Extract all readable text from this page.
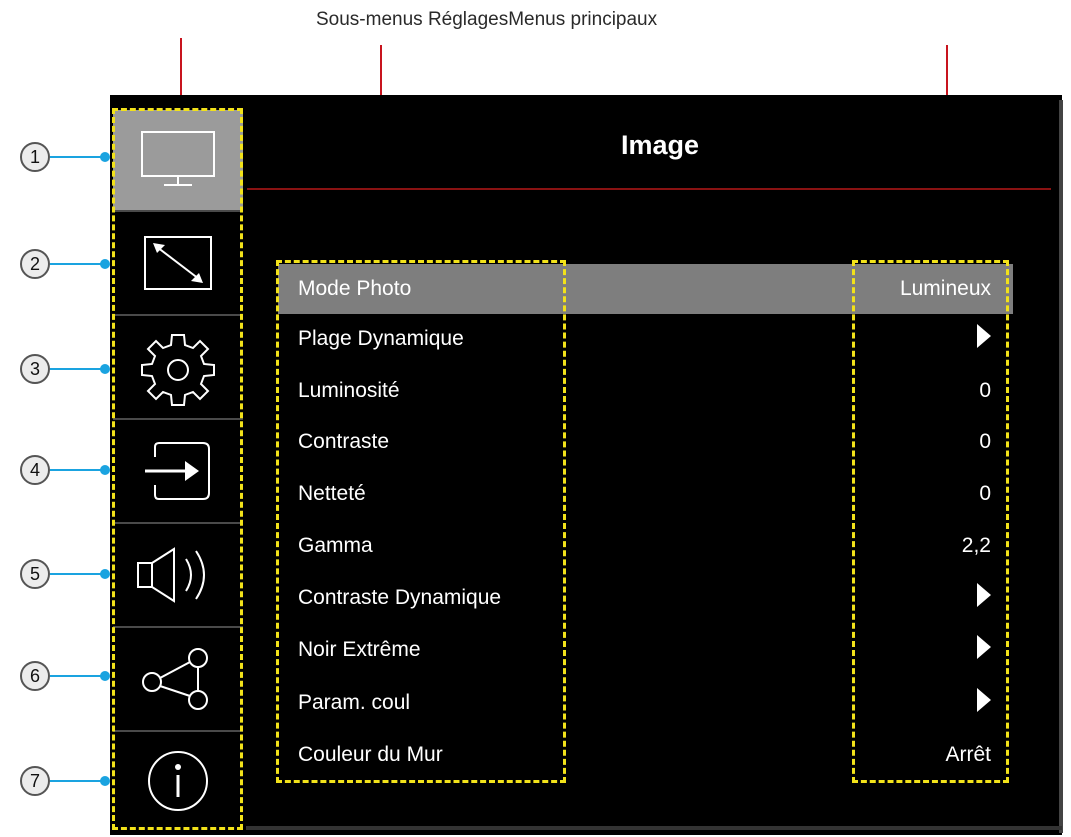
Sous-menus RéglagesMenus principaux
1
2
3
4
5
6
7
Image
Mode Photo	Lumineux
Plage Dynamique
Luminosité	0
Contraste	0
Netteté	0
Gamma	2,2
Contraste Dynamique
Noir Extrême
Param. coul
Couleur du Mur	Arrêt
